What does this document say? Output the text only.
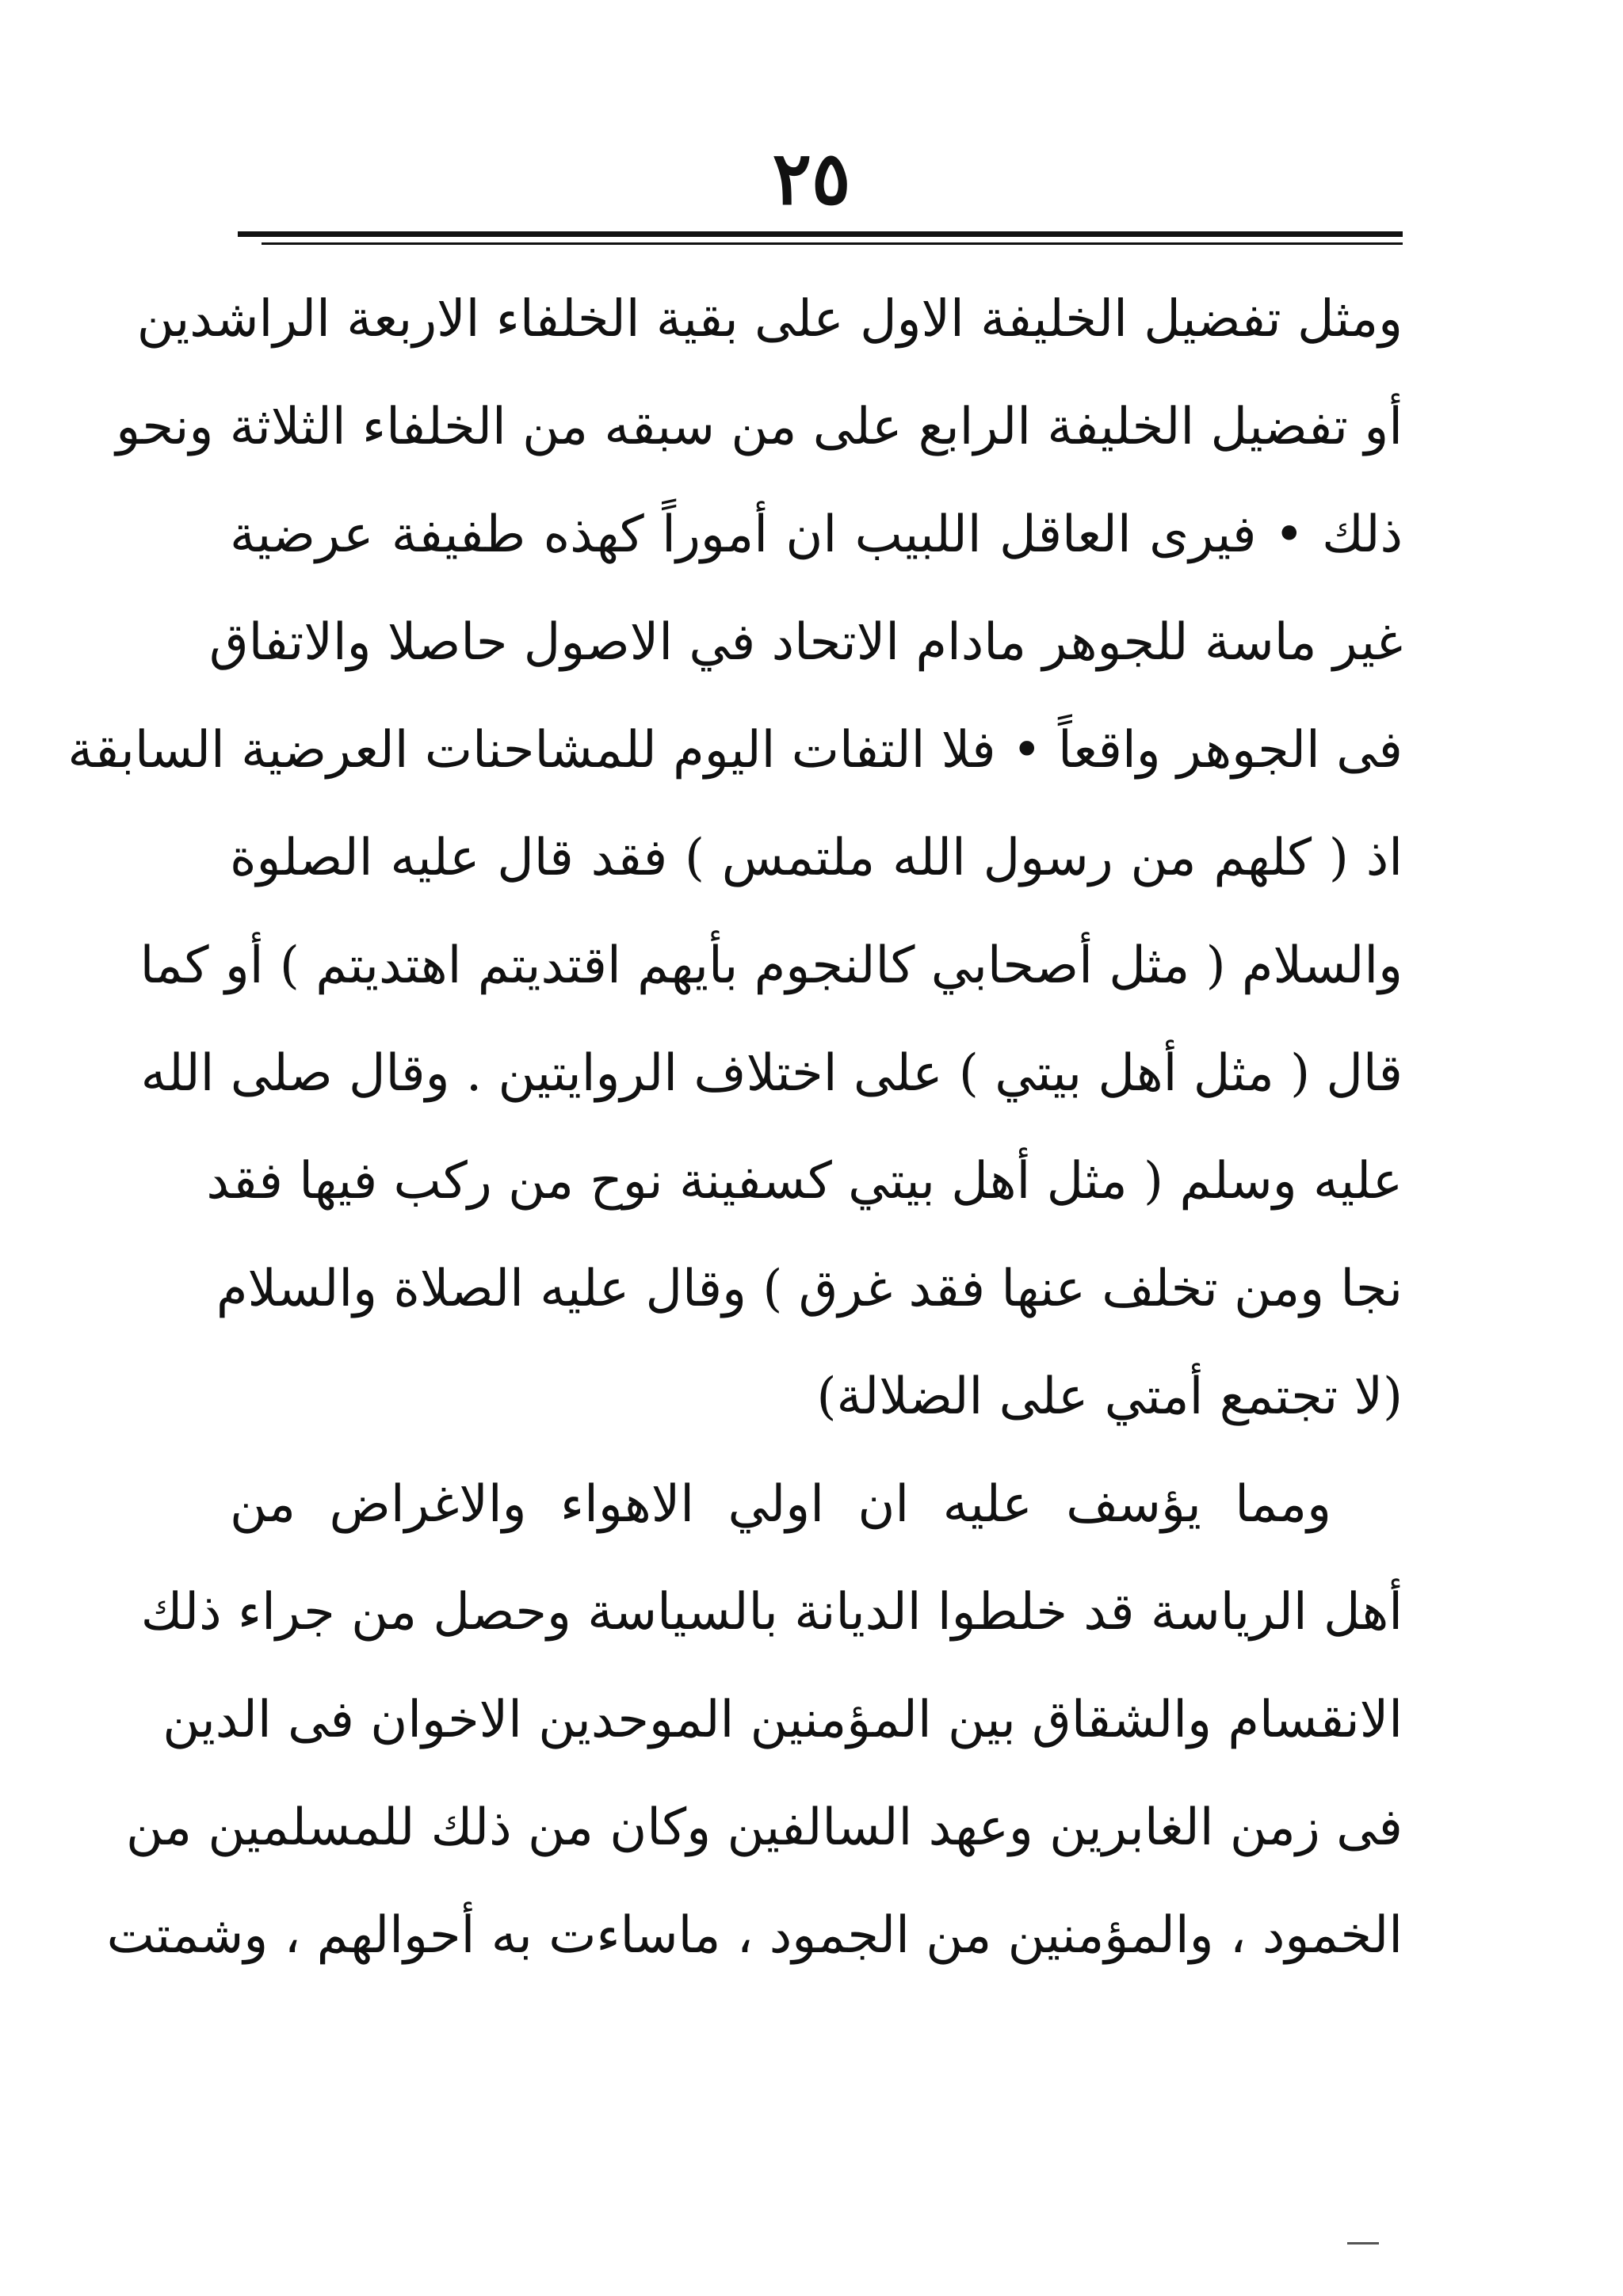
٢٥
ومثل تفضيل الخليفة الاول على بقية الخلفاء الاربعة الراشدين
أو تفضيل الخليفة الرابع على من سبقه من الخلفاء الثلاثة ونحو
ذلك • فيرى العاقل اللبيب ان أموراً كهذه طفيفة عرضية
غير ماسة للجوهر مادام الاتحاد في الاصول حاصلا والاتفاق
فى الجوهر واقعاً • فلا التفات اليوم للمشاحنات العرضية السابقة
اذ ( كلهم من رسول الله ملتمس ) فقد قال عليه الصلوة
والسلام ( مثل أصحابي كالنجوم بأيهم اقتديتم اهتديتم ) أو كما
قال ( مثل أهل بيتي ) على اختلاف الروايتين . وقال صلى الله
عليه وسلم ( مثل أهل بيتي كسفينة نوح من ركب فيها فقد
نجا ومن تخلف عنها فقد غرق ) وقال عليه الصلاة والسلام
(لا تجتمع أمتي على الضلالة)
ومما يؤسف عليه ان اولي الاهواء والاغراض من
أهل الرياسة قد خلطوا الديانة بالسياسة وحصل من جراء ذلك
الانقسام والشقاق بين المؤمنين الموحدين الاخوان فى الدين
فى زمن الغابرين وعهد السالفين وكان من ذلك للمسلمين من
الخمود ، والمؤمنين من الجمود ، ماساءت به أحوالهم ، وشمتت
